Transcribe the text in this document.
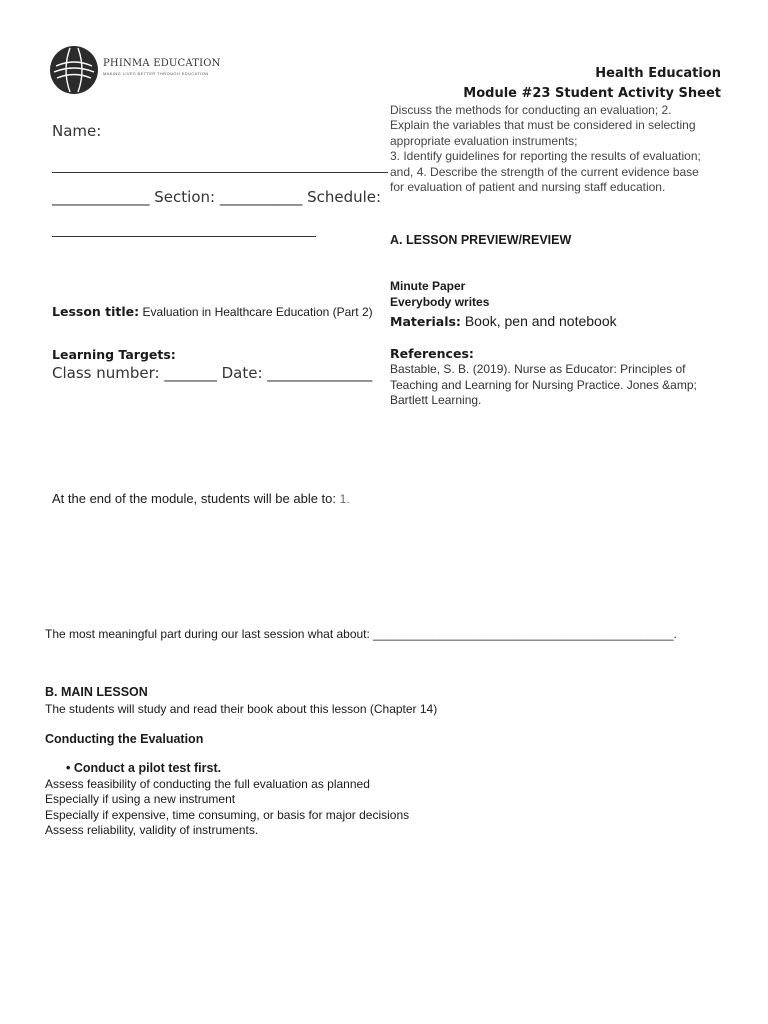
PHINMA EDUCATION
MAKING LIVES BETTER THROUGH EDUCATION	Health Education
Module #23 Student Activity Sheet
Discuss the methods for conducting an evaluation; 2.
Explain the variables that must be considered in selecting
appropriate evaluation instruments;
3. Identify guidelines for reporting the results of evaluation;
and, 4. Describe the strength of the current evidence base
for evaluation of patient and nursing staff education.
Name:
_____________ Section: ___________ Schedule:
Lesson title: Evaluation in Healthcare Education (Part 2)
Learning Targets:
Class number: _______ Date: ______________
A. LESSON PREVIEW/REVIEW
Minute Paper
Everybody writes
Materials: Book, pen and notebook
References:
Bastable, S. B. (2019). Nurse as Educator: Principles of Teaching and Learning for Nursing Practice. Jones &amp; Bartlett Learning.
At the end of the module, students will be able to: 1.
The most meaningful part during our last session what about: _____________________________________________.
B. MAIN LESSON
The students will study and read their book about this lesson (Chapter 14)
Conducting the Evaluation
• Conduct a pilot test first.
Assess feasibility of conducting the full evaluation as planned
Especially if using a new instrument
Especially if expensive, time consuming, or basis for major decisions
Assess reliability, validity of instruments.
